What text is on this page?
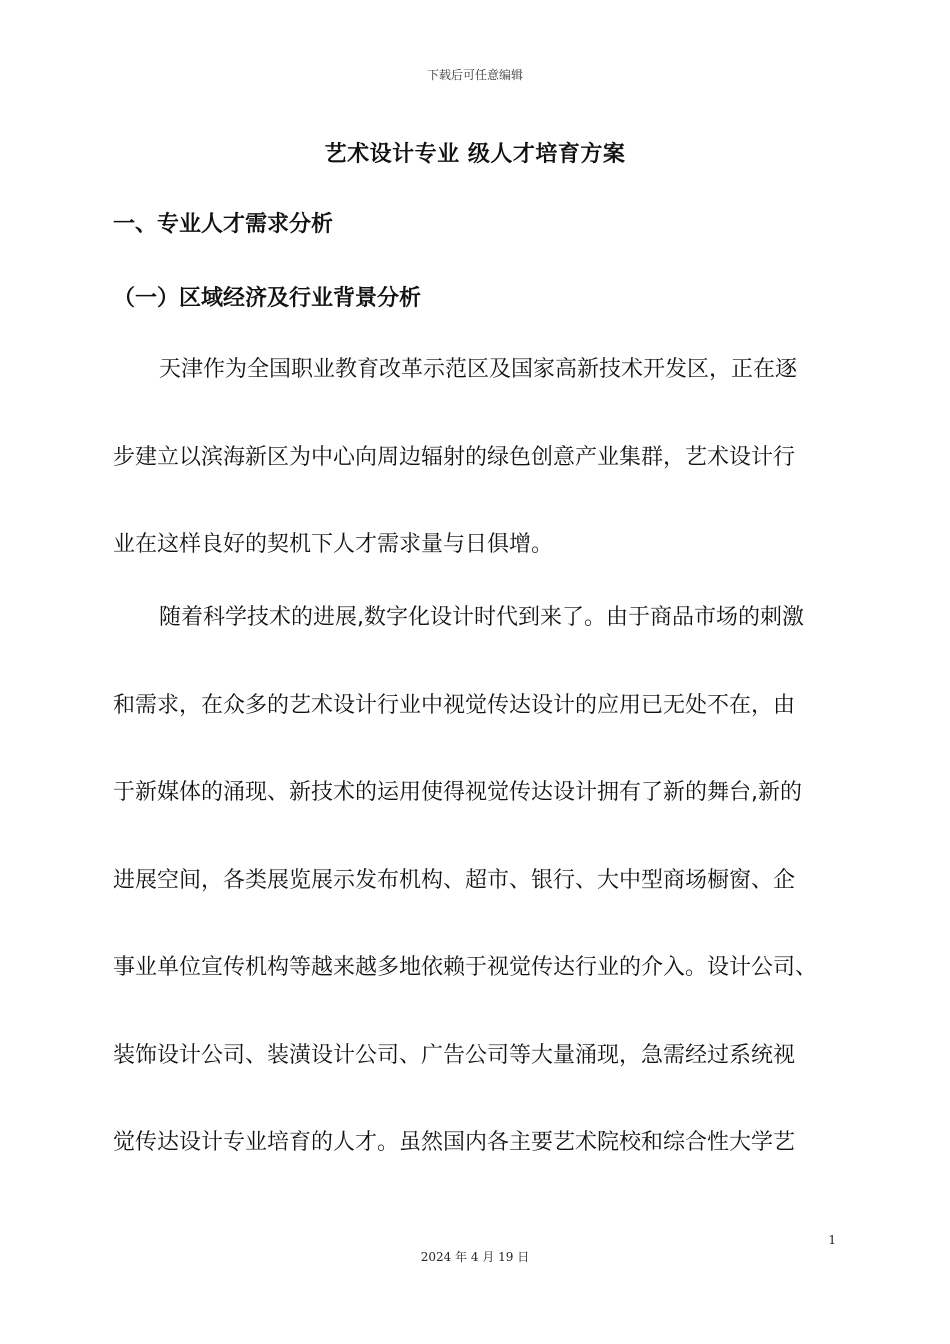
下载后可任意编辑
艺术设计专业 级人才培育方案
一、专业人才需求分析
（一）区域经济及行业背景分析
天津作为全国职业教育改革示范区及国家高新技术开发区，正在逐
步建立以滨海新区为中心向周边辐射的绿色创意产业集群，艺术设计行
业在这样良好的契机下人才需求量与日俱增。
随着科学技术的进展,数字化设计时代到来了。由于商品市场的刺激
和需求，在众多的艺术设计行业中视觉传达设计的应用已无处不在，由
于新媒体的涌现、新技术的运用使得视觉传达设计拥有了新的舞台,新的
进展空间，各类展览展示发布机构、超市、银行、大中型商场橱窗、企
事业单位宣传机构等越来越多地依赖于视觉传达行业的介入。设计公司、
装饰设计公司、装潢设计公司、广告公司等大量涌现，急需经过系统视
觉传达设计专业培育的人才。虽然国内各主要艺术院校和综合性大学艺
1
2024 年 4 月 19 日
